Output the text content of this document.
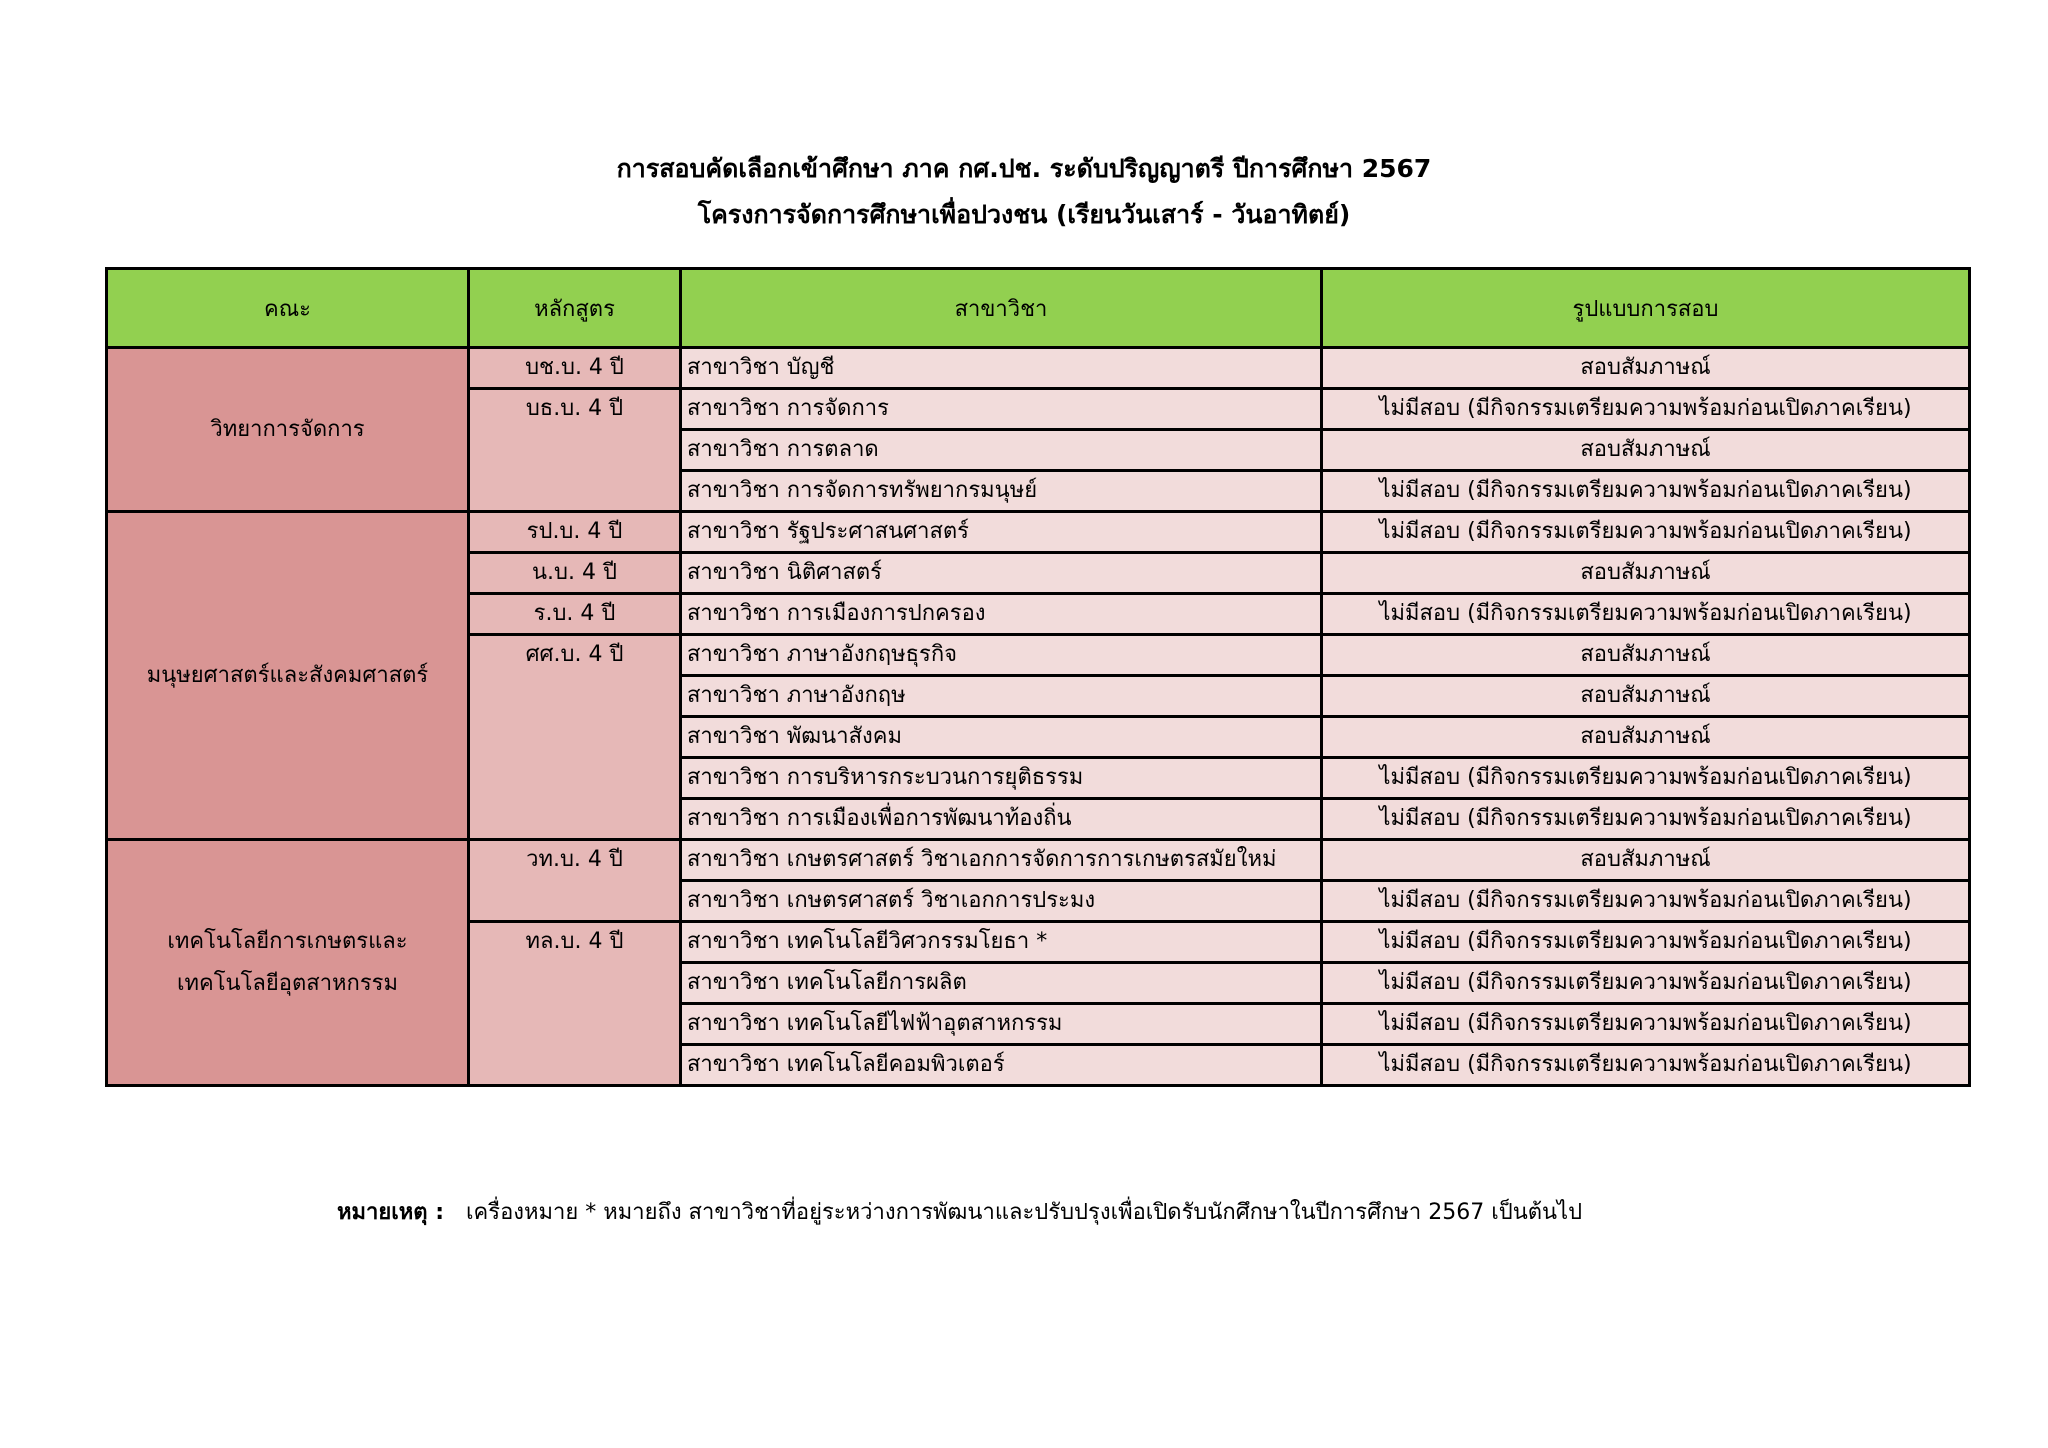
การสอบคัดเลือกเข้าศึกษา ภาค กศ.ปช. ระดับปริญญาตรี ปีการศึกษา 2567
โครงการจัดการศึกษาเพื่อปวงชน (เรียนวันเสาร์ - วันอาทิตย์)
คณะ	หลักสูตร	สาขาวิชา	รูปแบบการสอบ

วิทยาการจัดการ	บช.บ. 4 ปี	สาขาวิชา บัญชี	สอบสัมภาษณ์
	บธ.บ. 4 ปี	สาขาวิชา การจัดการ	ไม่มีสอบ (มีกิจกรรมเตรียมความพร้อมก่อนเปิดภาคเรียน)
		สาขาวิชา การตลาด	สอบสัมภาษณ์
		สาขาวิชา การจัดการทรัพยากรมนุษย์	ไม่มีสอบ (มีกิจกรรมเตรียมความพร้อมก่อนเปิดภาคเรียน)

มนุษยศาสตร์และสังคมศาสตร์	รป.บ. 4 ปี	สาขาวิชา รัฐประศาสนศาสตร์	ไม่มีสอบ (มีกิจกรรมเตรียมความพร้อมก่อนเปิดภาคเรียน)
	น.บ. 4 ปี	สาขาวิชา นิติศาสตร์	สอบสัมภาษณ์
	ร.บ. 4 ปี	สาขาวิชา การเมืองการปกครอง	ไม่มีสอบ (มีกิจกรรมเตรียมความพร้อมก่อนเปิดภาคเรียน)
	ศศ.บ. 4 ปี	สาขาวิชา ภาษาอังกฤษธุรกิจ	สอบสัมภาษณ์
		สาขาวิชา ภาษาอังกฤษ	สอบสัมภาษณ์
		สาขาวิชา พัฒนาสังคม	สอบสัมภาษณ์
		สาขาวิชา การบริหารกระบวนการยุติธรรม	ไม่มีสอบ (มีกิจกรรมเตรียมความพร้อมก่อนเปิดภาคเรียน)
		สาขาวิชา การเมืองเพื่อการพัฒนาท้องถิ่น	ไม่มีสอบ (มีกิจกรรมเตรียมความพร้อมก่อนเปิดภาคเรียน)

เทคโนโลยีการเกษตรและ
เทคโนโลยีอุตสาหกรรม	วท.บ. 4 ปี	สาขาวิชา เกษตรศาสตร์ วิชาเอกการจัดการการเกษตรสมัยใหม่	สอบสัมภาษณ์
		สาขาวิชา เกษตรศาสตร์ วิชาเอกการประมง	ไม่มีสอบ (มีกิจกรรมเตรียมความพร้อมก่อนเปิดภาคเรียน)
	ทล.บ. 4 ปี	สาขาวิชา เทคโนโลยีวิศวกรรมโยธา *	ไม่มีสอบ (มีกิจกรรมเตรียมความพร้อมก่อนเปิดภาคเรียน)
		สาขาวิชา เทคโนโลยีการผลิต	ไม่มีสอบ (มีกิจกรรมเตรียมความพร้อมก่อนเปิดภาคเรียน)
		สาขาวิชา เทคโนโลยีไฟฟ้าอุตสาหกรรม	ไม่มีสอบ (มีกิจกรรมเตรียมความพร้อมก่อนเปิดภาคเรียน)
		สาขาวิชา เทคโนโลยีคอมพิวเตอร์	ไม่มีสอบ (มีกิจกรรมเตรียมความพร้อมก่อนเปิดภาคเรียน)
หมายเหตุ : เครื่องหมาย * หมายถึง สาขาวิชาที่อยู่ระหว่างการพัฒนาและปรับปรุงเพื่อเปิดรับนักศึกษาในปีการศึกษา 2567 เป็นต้นไป
